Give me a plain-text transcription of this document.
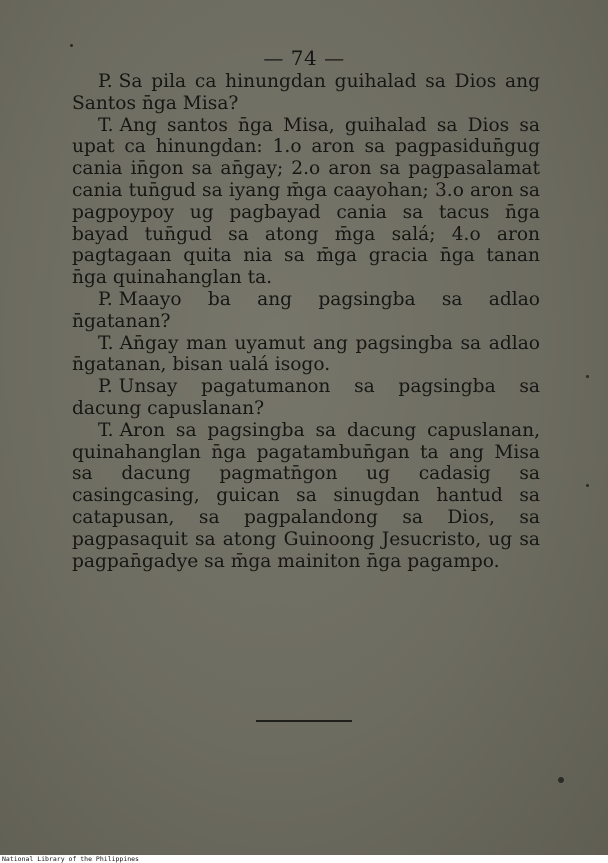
— 74 —

P. Sa pila ca hinungdan guihalad sa Dios ang Santos n̄ga Misa?

T. Ang santos n̄ga Misa, guihalad sa Dios sa upat ca hinungdan: 1.o aron sa pagpasidun̄gug cania in̄gon sa an̄gay; 2.o aron sa pagpasalamat cania tun̄gud sa iyang m̄ga caayohan; 3.o aron sa pagpoypoy ug pagbayad cania sa tacus n̄ga bayad tun̄gud sa atong m̄ga salá; 4.o aron pagtagaan quita nia sa m̄ga gracia n̄ga tanan n̄ga quinahanglan ta.

P. Maayo ba ang pagsingba sa adlao n̄gatanan?

T. An̄gay man uyamut ang pagsingba sa adlao n̄gatanan, bisan ualá isogo.

P. Unsay pagatumanon sa pagsingba sa dacung capuslanan?

T. Aron sa pagsingba sa dacung capuslanan, quinahanglan n̄ga pagatambun̄gan ta ang Misa sa dacung pagmatn̄gon ug cadasig sa casingcasing, guican sa sinugdan hantud sa catapusan, sa pagpalandong sa Dios, sa pagpasaquit sa atong Guinoong Jesucristo, ug sa pagpan̄gadye sa m̄ga mainiton n̄ga pagampo.

National Library of the Philippines
